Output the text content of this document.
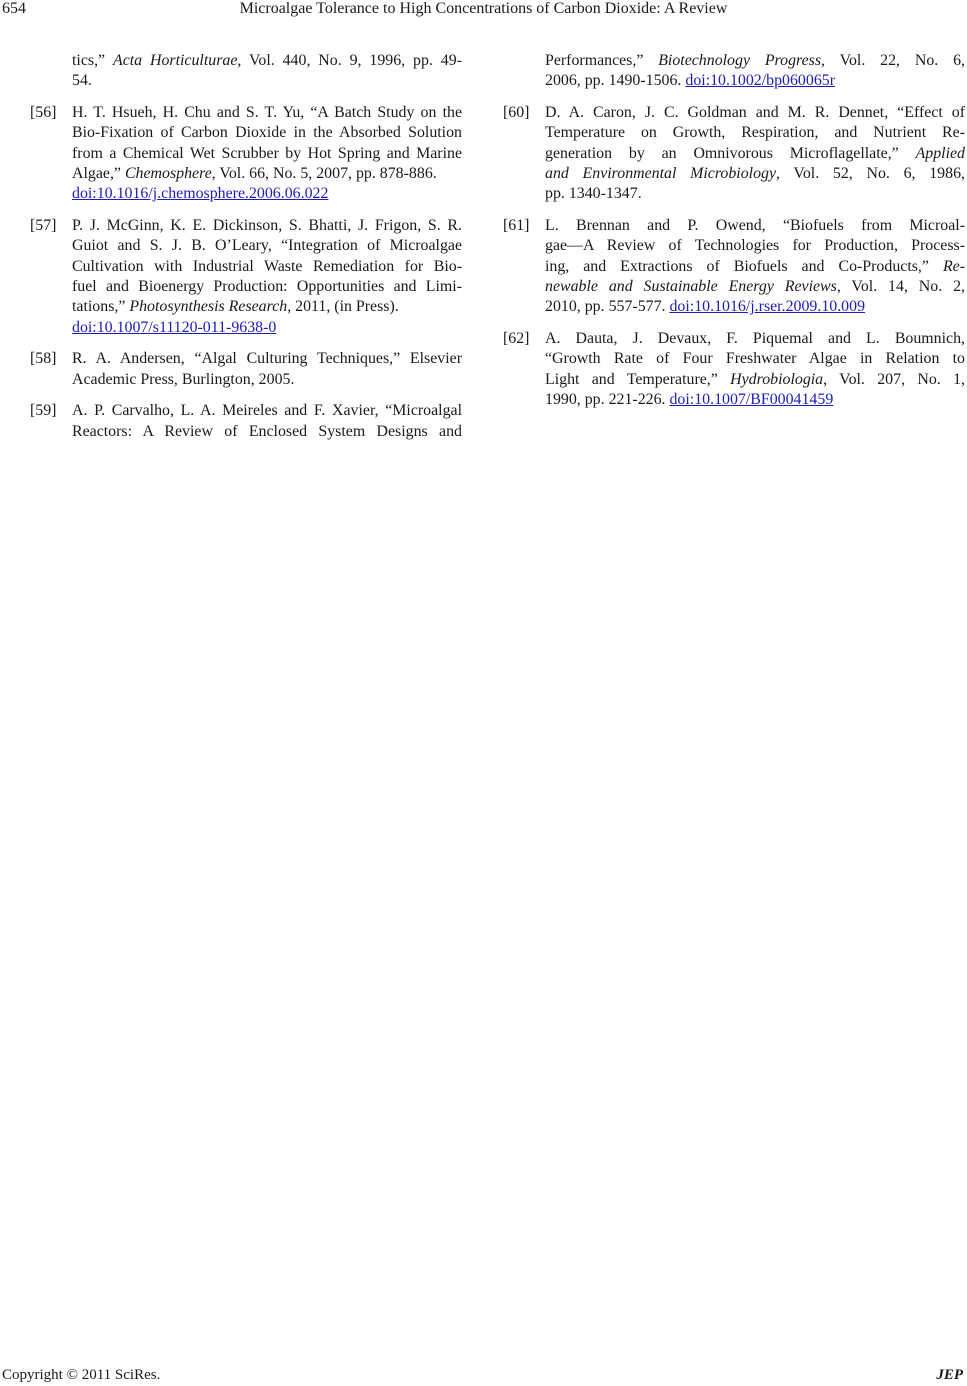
654	Microalgae Tolerance to High Concentrations of Carbon Dioxide: A Review
tics,” Acta Horticulturae, Vol. 440, No. 9, 1996, pp. 49-
54.
[56] H. T. Hsueh, H. Chu and S. T. Yu, “A Batch Study on the
Bio-Fixation of Carbon Dioxide in the Absorbed Solution
from a Chemical Wet Scrubber by Hot Spring and Marine
Algae,” Chemosphere, Vol. 66, No. 5, 2007, pp. 878-886.
doi:10.1016/j.chemosphere.2006.06.022
[57] P. J. McGinn, K. E. Dickinson, S. Bhatti, J. Frigon, S. R.
Guiot and S. J. B. O’Leary, “Integration of Microalgae
Cultivation with Industrial Waste Remediation for Bio-
fuel and Bioenergy Production: Opportunities and Limi-
tations,” Photosynthesis Research, 2011, (in Press).
doi:10.1007/s11120-011-9638-0
[58] R. A. Andersen, “Algal Culturing Techniques,” Elsevier
Academic Press, Burlington, 2005.
[59] A. P. Carvalho, L. A. Meireles and F. Xavier, “Microalgal
Reactors: A Review of Enclosed System Designs and
Performances,” Biotechnology Progress, Vol. 22, No. 6,
2006, pp. 1490-1506. doi:10.1002/bp060065r
[60] D. A. Caron, J. C. Goldman and M. R. Dennet, “Effect of
Temperature on Growth, Respiration, and Nutrient Re-
generation by an Omnivorous Microflagellate,” Applied
and Environmental Microbiology, Vol. 52, No. 6, 1986,
pp. 1340-1347.
[61] L. Brennan and P. Owend, “Biofuels from Microal-
gae—A Review of Technologies for Production, Process-
ing, and Extractions of Biofuels and Co-Products,” Re-
newable and Sustainable Energy Reviews, Vol. 14, No. 2,
2010, pp. 557-577. doi:10.1016/j.rser.2009.10.009
[62] A. Dauta, J. Devaux, F. Piquemal and L. Boumnich,
“Growth Rate of Four Freshwater Algae in Relation to
Light and Temperature,” Hydrobiologia, Vol. 207, No. 1,
1990, pp. 221-226. doi:10.1007/BF00041459
Copyright © 2011 SciRes.	JEP
